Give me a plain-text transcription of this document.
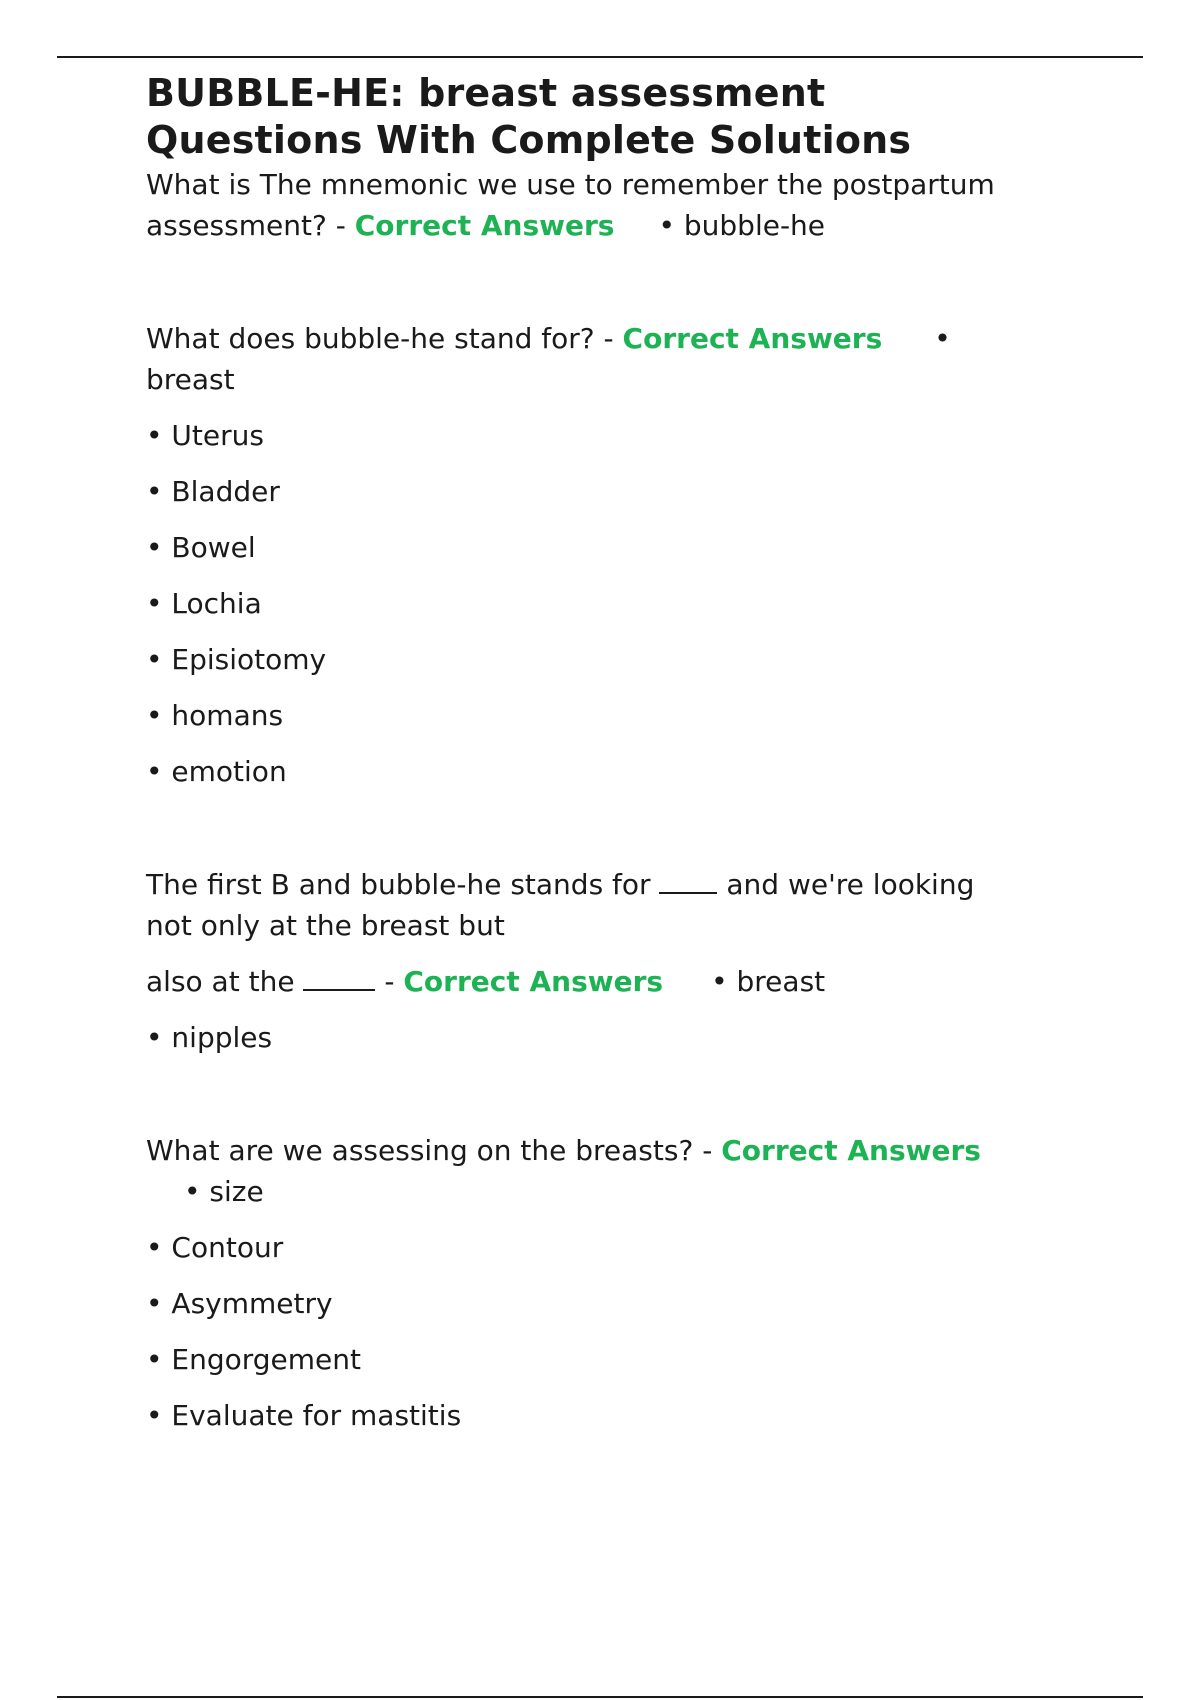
BUBBLE-HE: breast assessment
Questions With Complete Solutions

What is The mnemonic we use to remember the postpartum
assessment? - Correct Answers • bubble-he

What does bubble-he stand for? - Correct Answers •
breast

• Uterus
• Bladder
• Bowel
• Lochia
• Episiotomy
• homans
• emotion

The first B and bubble-he stands for  and we're looking
not only at the breast but

also at the	- Correct Answers • breast

• nipples

What are we assessing on the breasts? - Correct Answers
• size

• Contour
• Asymmetry
• Engorgement
• Evaluate for mastitis
